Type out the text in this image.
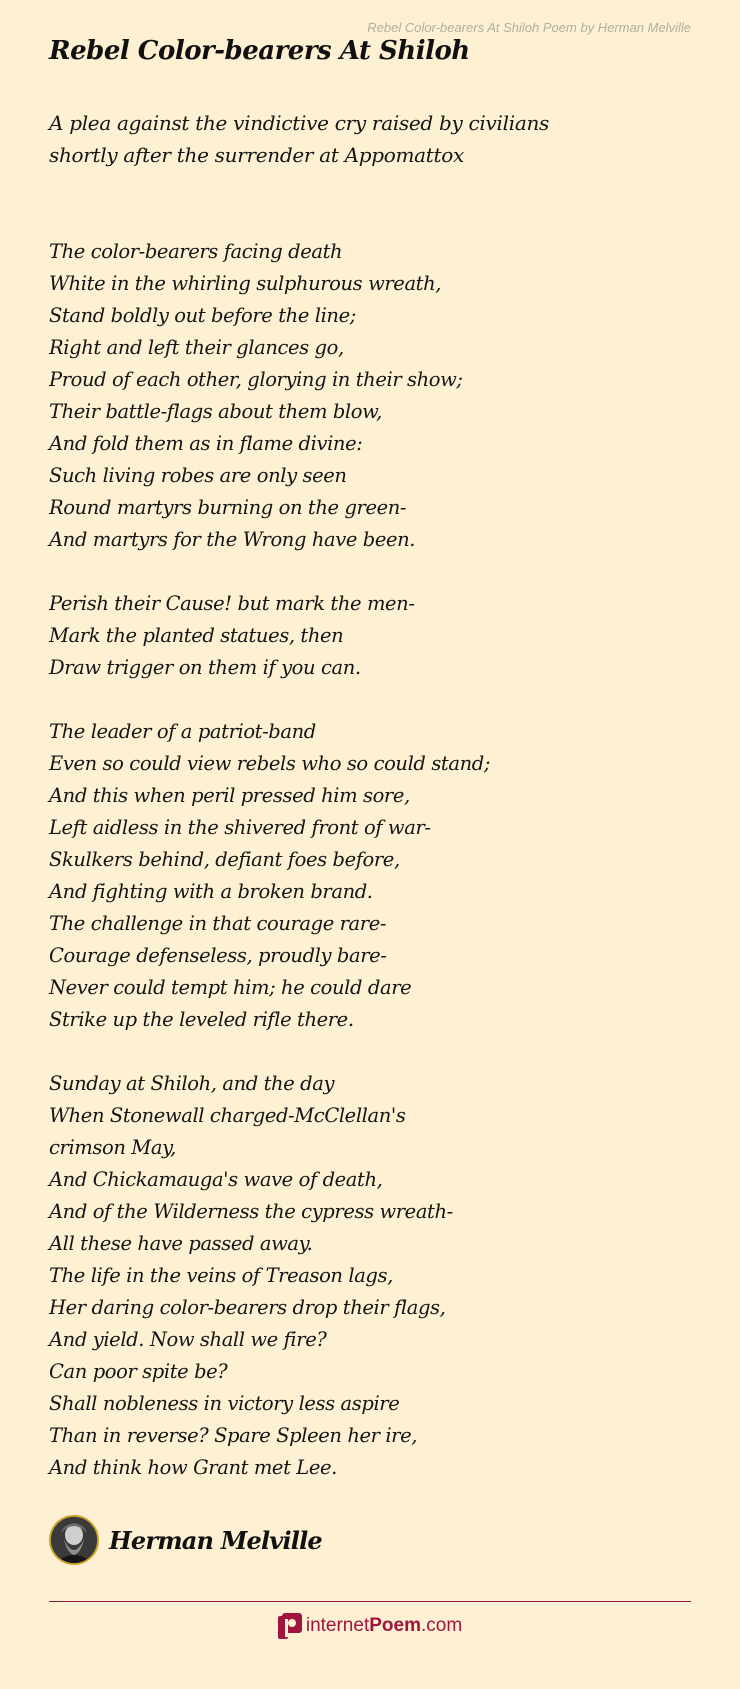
Rebel Color-bearers At Shiloh Poem by Herman Melville
Rebel Color-bearers At Shiloh
A plea against the vindictive cry raised by civilians
shortly after the surrender at Appomattox
The color-bearers facing death
White in the whirling sulphurous wreath,
Stand boldly out before the line;
Right and left their glances go,
Proud of each other, glorying in their show;
Their battle-flags about them blow,
And fold them as in flame divine:
Such living robes are only seen
Round martyrs burning on the green-
And martyrs for the Wrong have been.
Perish their Cause! but mark the men-
Mark the planted statues, then
Draw trigger on them if you can.
The leader of a patriot-band
Even so could view rebels who so could stand;
And this when peril pressed him sore,
Left aidless in the shivered front of war-
Skulkers behind, defiant foes before,
And fighting with a broken brand.
The challenge in that courage rare-
Courage defenseless, proudly bare-
Never could tempt him; he could dare
Strike up the leveled rifle there.
Sunday at Shiloh, and the day
When Stonewall charged-McClellan's
crimson May,
And Chickamauga's wave of death,
And of the Wilderness the cypress wreath-
All these have passed away.
The life in the veins of Treason lags,
Her daring color-bearers drop their flags,
And yield. Now shall we fire?
Can poor spite be?
Shall nobleness in victory less aspire
Than in reverse? Spare Spleen her ire,
And think how Grant met Lee.
Herman Melville
internetPoem.com
